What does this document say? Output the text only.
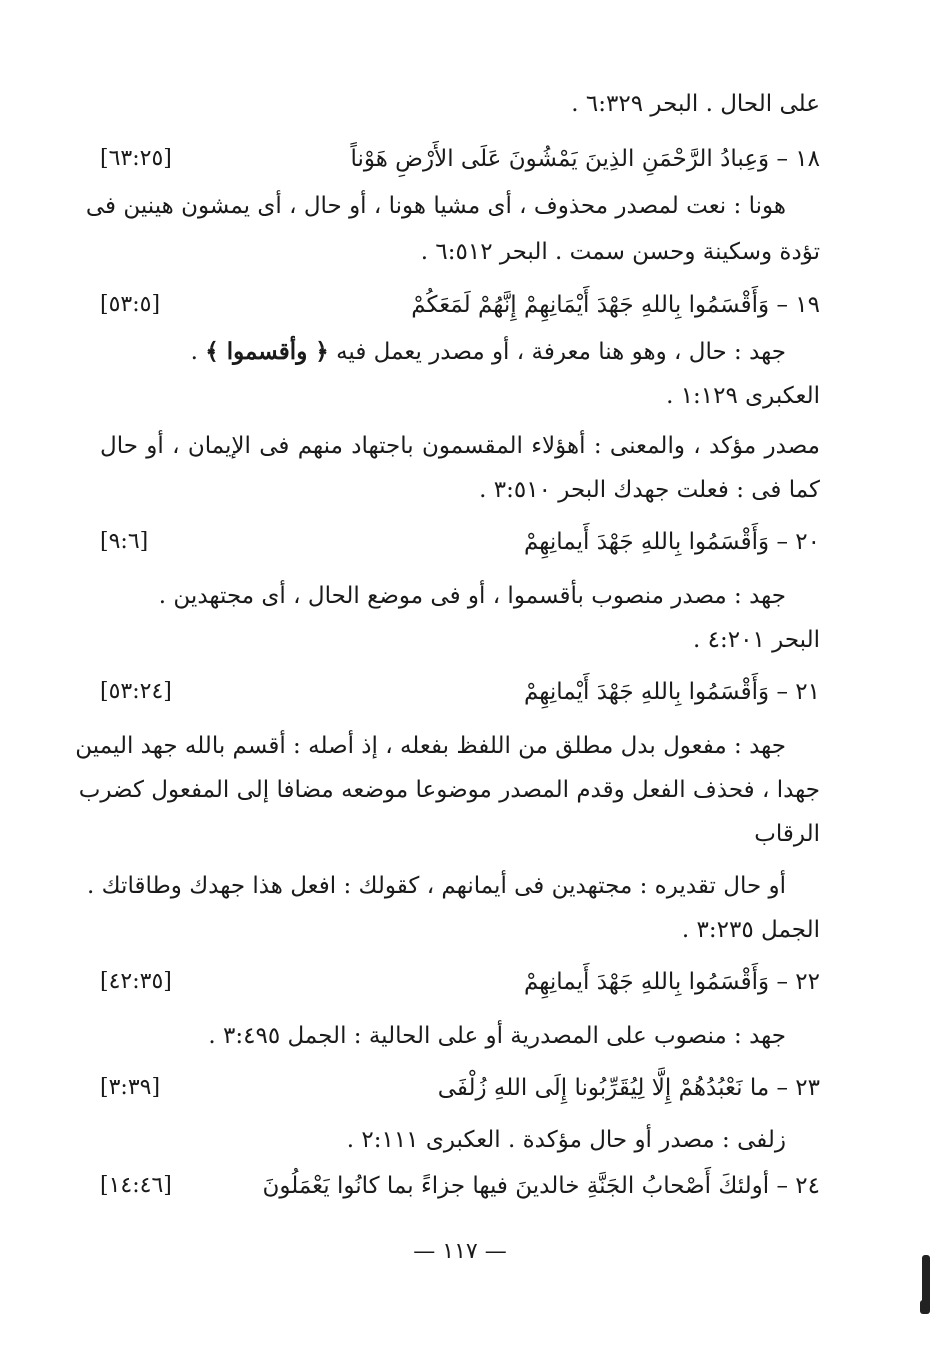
على الحال . البحر ٦:٣٢٩ .
١٨ – وَعِبادُ الرَّحْمَنِ الذِينَ يَمْشُونَ عَلَى الأَرْضِ هَوْناً
[٦٣:٢٥]
هونا : نعت لمصدر محذوف ، أى مشيا هونا ، أو حال ، أى يمشون هينين فى
تؤدة وسكينة وحسن سمت . البحر ٦:٥١٢ .
١٩ – وَأَقْسَمُوا بِاللهِ جَهْدَ أَيْمَانِهِمْ إِنَّهُمْ لَمَعَكُمْ
[٥٣:٥]
جهد : حال ، وهو هنا معرفة ، أو مصدر يعمل فيه ﴿ وأقسموا ﴾ .
العكبرى ١:١٢٩ .
مصدر مؤكد ، والمعنى : أهؤلاء المقسمون باجتهاد منهم فى الإيمان ، أو حال
كما فى : فعلت جهدك البحر ٣:٥١٠ .
٢٠ – وَأَقْسَمُوا بِاللهِ جَهْدَ أَيمانِهِمْ
[٩:٦]
جهد : مصدر منصوب بأقسموا ، أو فى موضع الحال ، أى مجتهدين .
البحر ٤:٢٠١ .
٢١ – وَأَقْسَمُوا بِاللهِ جَهْدَ أَيْمانِهِمْ
[٥٣:٢٤]
جهد : مفعول بدل مطلق من اللفظ بفعله ، إذ أصله : أقسم بالله جهد اليمين
جهدا ، فحذف الفعل وقدم المصدر موضوعا موضعه مضافا إلى المفعول كضرب
الرقاب
أو حال تقديره : مجتهدين فى أيمانهم ، كقولك : افعل هذا جهدك وطاقاتك .
الجمل ٣:٢٣٥ .
٢٢ – وَأَقْسَمُوا بِاللهِ جَهْدَ أَيمانِهِمْ
[٤٢:٣٥]
جهد : منصوب على المصدرية أو على الحالية : الجمل ٣:٤٩٥ .
٢٣ – ما نَعْبُدُهُمْ إِلَّا لِيُقَرِّبُونا إِلَى اللهِ زُلْفَى
[٣:٣٩]
زلفى : مصدر أو حال مؤكدة . العكبرى ٢:١١١ .
٢٤ – أولئكَ أَصْحابُ الجَنَّةِ خالدينَ فيها جزاءً بما كانُوا يَعْمَلُونَ
[١٤:٤٦]
— ١١٧ —
